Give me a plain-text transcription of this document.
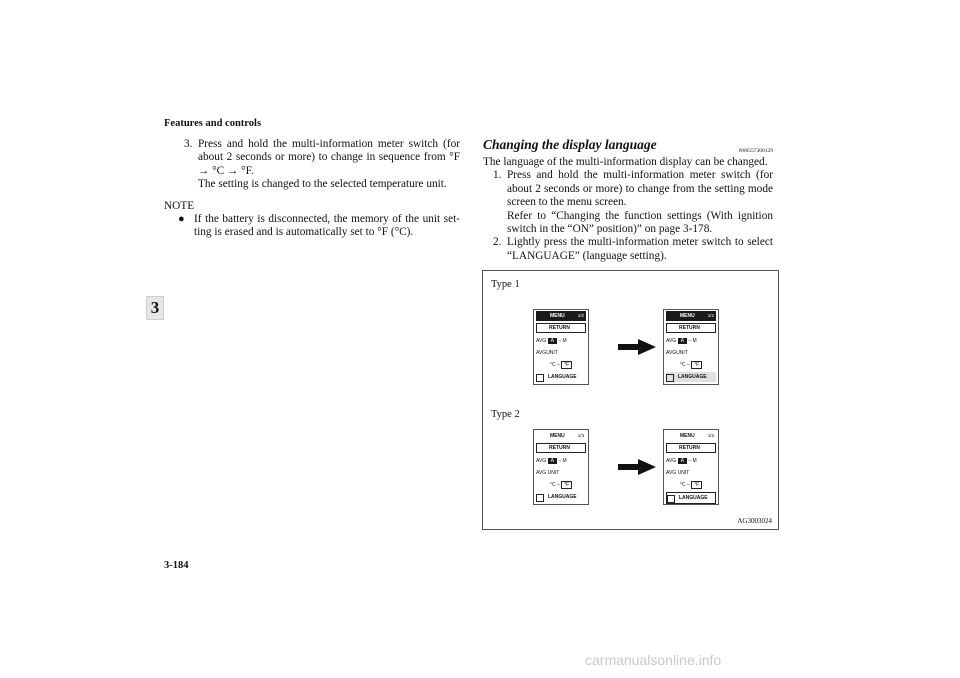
Features and controls
3
3. Press and hold the multi-information meter switch (for about 2 seconds or more) to change in sequence from °F → °C → °F.

The setting is changed to the selected temperature unit.

NOTE
● If the battery is disconnected, the memory of the unit set-ting is erased and is automatically set to °F (°C).
Changing the display language	N00557300129

The language of the multi-information display can be changed.

1. Press and hold the multi-information meter switch (for about 2 seconds or more) to change from the setting mode screen to the menu screen.

Refer to “Changing the function settings (With ignition switch in the “ON” position)” on page 3-178.

2. Lightly press the multi-information meter switch to select “LANGUAGE” (language setting).

Type 1
MENU	1/2
RETURN
AVG A – M
AVGUNIT
°C – °F
LANGUAGE
MENU	1/2
RETURN
AVG A – M
AVGUNIT
°C – °F
LANGUAGE
Type 2
MENU	1/3
RETURN
AVG A – M
AVG UNIT
°C – °F
LANGUAGE
MENU	1/3
RETURN
AVG A – M
AVG UNIT
°C – °F
LANGUAGE
AG3003024
3-184
carmanualsonline.info
